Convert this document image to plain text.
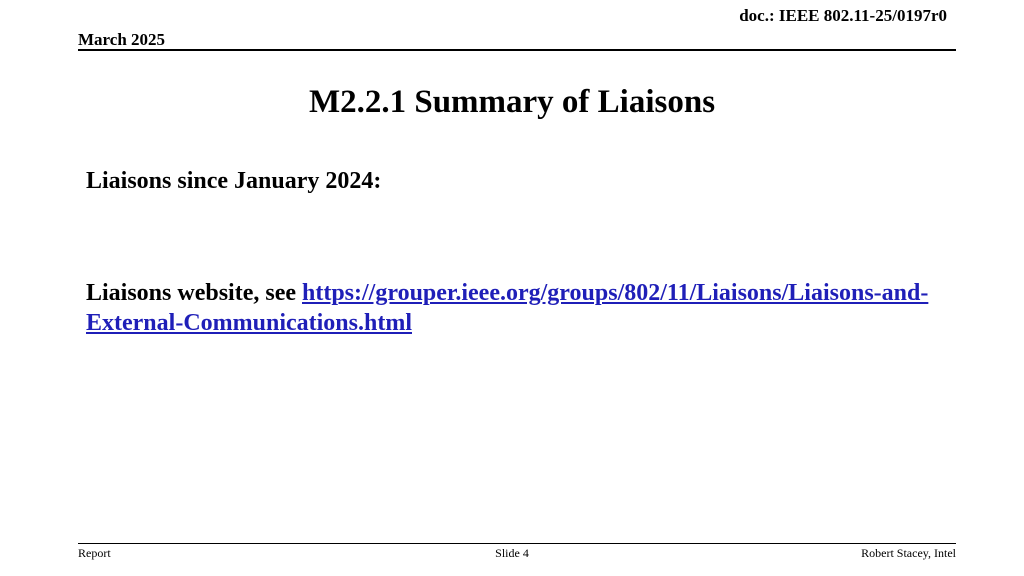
doc.: IEEE 802.11-25/0197r0
March 2025
M2.2.1 Summary of Liaisons

Liaisons since January 2024:

Liaisons website, see https://grouper.ieee.org/groups/802/11/Liaisons/Liaisons-and-External-Communications.html

Report	Slide 4	Robert Stacey, Intel
